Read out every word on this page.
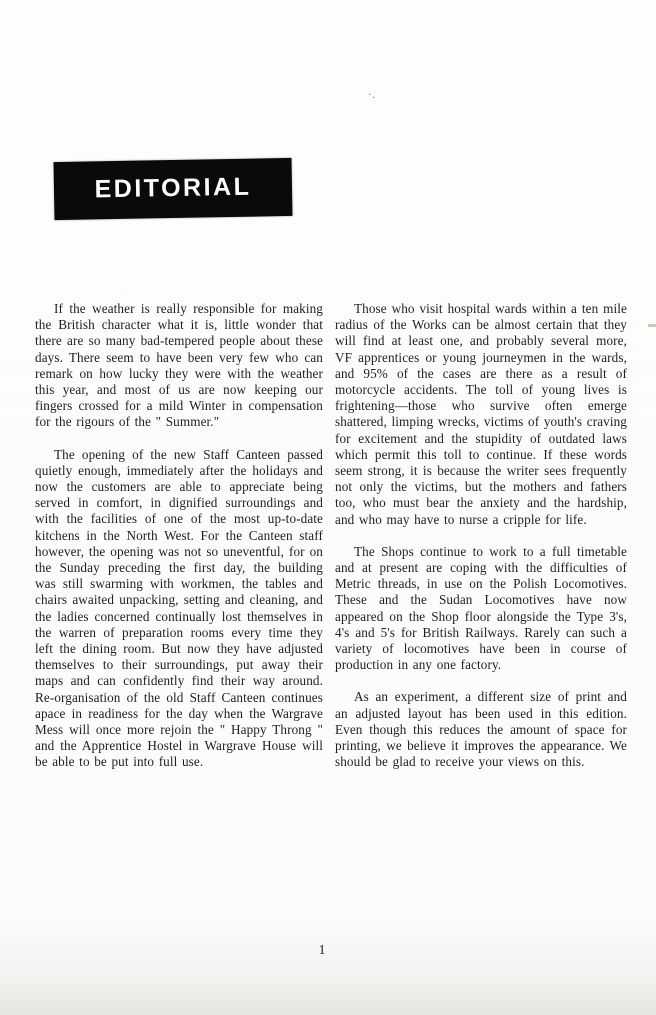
·.
EDITORIAL

If the weather is really responsible for making the British character what it is, little wonder that there are so many bad-tempered people about these days. There seem to have been very few who can remark on how lucky they were with the weather this year, and most of us are now keeping our fingers crossed for a mild Winter in compensation for the rigours of the " Summer."

The opening of the new Staff Canteen passed quietly enough, immediately after the holidays and now the customers are able to appreciate being served in comfort, in dignified surroundings and with the facilities of one of the most up-to-date kitchens in the North West. For the Canteen staff however, the opening was not so uneventful, for on the Sunday preceding the first day, the building was still swarming with workmen, the tables and chairs awaited unpacking, setting and cleaning, and the ladies concerned continually lost themselves in the warren of preparation rooms every time they left the dining room. But now they have adjusted themselves to their surroundings, put away their maps and can confidently find their way around. Re-organisation of the old Staff Canteen continues apace in readiness for the day when the Wargrave Mess will once more rejoin the " Happy Throng " and the Apprentice Hostel in Wargrave House will be able to be put into full use.

Those who visit hospital wards within a ten mile radius of the Works can be almost certain that they will find at least one, and probably several more, VF apprentices or young journeymen in the wards, and 95% of the cases are there as a result of motorcycle accidents. The toll of young lives is frightening—those who survive often emerge shattered, limping wrecks, victims of youth's craving for excitement and the stupidity of outdated laws which permit this toll to continue. If these words seem strong, it is because the writer sees frequently not only the victims, but the mothers and fathers too, who must bear the anxiety and the hardship, and who may have to nurse a cripple for life.

The Shops continue to work to a full timetable and at present are coping with the difficulties of Metric threads, in use on the Polish Locomotives. These and the Sudan Locomotives have now appeared on the Shop floor alongside the Type 3's, 4's and 5's for British Railways. Rarely can such a variety of locomotives have been in course of production in any one factory.

As an experiment, a different size of print and an adjusted layout has been used in this edition. Even though this reduces the amount of space for printing, we believe it improves the appearance. We should be glad to receive your views on this.

1
